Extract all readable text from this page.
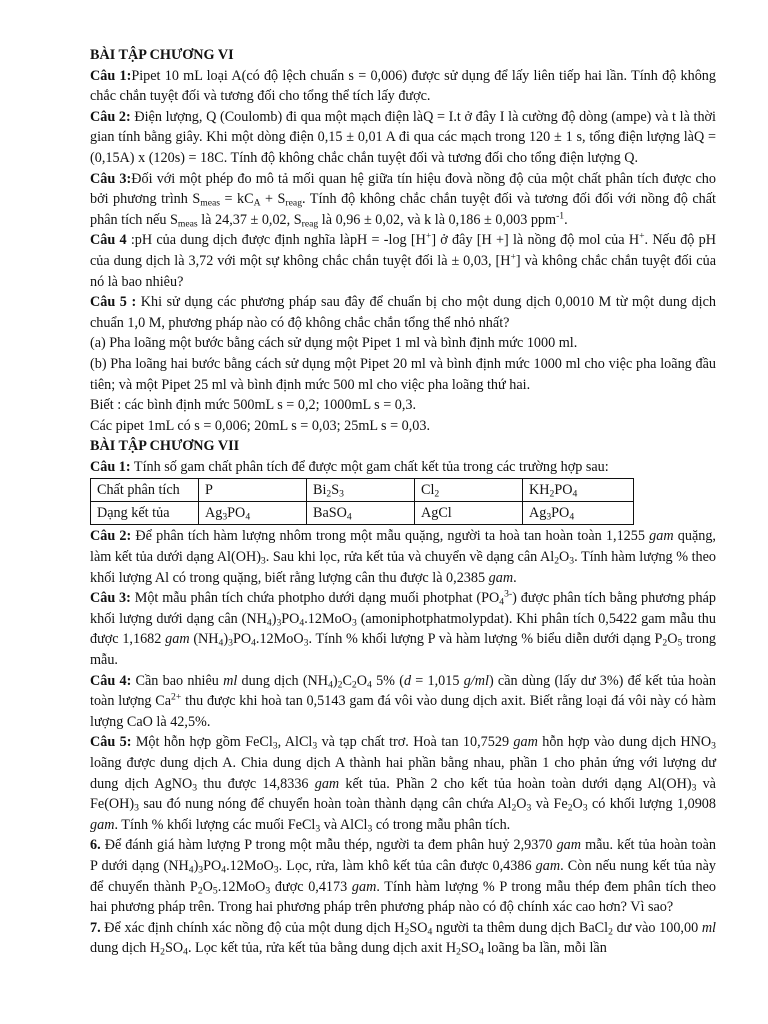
BÀI TẬP CHƯƠNG VI

Câu 1:Pipet 10 mL loại A(có độ lệch chuẩn s = 0,006) được sử dụng để lấy liên tiếp hai lần. Tính độ không chắc chắn tuyệt đối và tương đối cho tổng thể tích lấy được.

Câu 2: Điện lượng, Q (Coulomb) đi qua một mạch điện làQ = I.t ở đây I là cường độ dòng (ampe) và t là thời gian tính bằng giây. Khi một dòng điện 0,15 ± 0,01 A đi qua các mạch trong 120 ± 1 s, tổng điện lượng làQ = (0,15A) x (120s) = 18C. Tính độ không chắc chắn tuyệt đối và tương đối cho tổng điện lượng Q.

Câu 3:Đối với một phép đo mô tả mối quan hệ giữa tín hiệu đovà nồng độ của một chất phân tích được cho bởi phương trình $S_{meas} = kC_A + S_{reag}$. Tính độ không chắc chắn tuyệt đối và tương đối đối với nồng độ chất phân tích nếu $S_{meas}$ là 24,37 ± 0,02, $S_{reag}$ là 0,96 ± 0,02, và k là 0,186 ± 0,003 ppm$^{-1}$.

Câu 4 :pH của dung dịch được định nghĩa làpH = -log [H+] ở đây [H +] là nồng độ mol của H+. Nếu độ pH của dung dịch là 3,72 với một sự không chắc chắn tuyệt đối là ± 0,03, [H+] và không chắc chắn tuyệt đối của nó là bao nhiêu?

Câu 5 : Khi sử dụng các phương pháp sau đây để chuẩn bị cho một dung dịch 0,0010 M từ một dung dịch chuẩn 1,0 M, phương pháp nào có độ không chắc chắn tổng thể nhỏ nhất?

(a) Pha loãng một bước bằng cách sử dụng một Pipet 1 ml và bình định mức 1000 ml.

(b) Pha loãng hai bước bằng cách sử dụng một Pipet 20 ml và bình định mức 1000 ml cho việc pha loãng đầu tiên; và một Pipet 25 ml và bình định mức 500 ml cho việc pha loãng thứ hai.

Biết : các bình định mức 500mL s = 0,2; 1000mL s = 0,3.

Các pipet 1mL có s = 0,006; 20mL s = 0,03; 25mL s = 0,03.

BÀI TẬP CHƯƠNG VII

Câu 1: Tính số gam chất phân tích để được một gam chất kết tủa trong các trường hợp sau:

Chất phân tích	P	$Bi_2S_3$	$Cl_2$	$KH_2PO_4$
Dạng kết tủa	$Ag_3PO_4$	BaSO$_4$	AgCl	$Ag_3PO_4$

Câu 2: Để phân tích hàm lượng nhôm trong một mẫu quặng, người ta hoà tan hoàn toàn 1,1255 gam quặng, làm kết tủa dưới dạng $Al(OH)_3$. Sau khi lọc, rửa kết tủa và chuyển về dạng cân $Al_2O_3$. Tính hàm lượng % theo khối lượng Al có trong quặng, biết rằng lượng cân thu được là 0,2385 gam.

Câu 3: Một mẫu phân tích chứa photpho dưới dạng muối photphat $(PO_4^{3-})$ được phân tích bằng phương pháp khối lượng dưới dạng cân $(NH_4)_3PO_4.12MoO_3$ (amoniphotphatmolypdat). Khi phân tích 0,5422 gam mẫu thu được 1,1682 gam $(NH_4)_3PO_4.12MoO_3$. Tính % khối lượng P và hàm lượng % biểu diễn dưới dạng $P_2O_5$ trong mẫu.

Câu 4: Cần bao nhiêu ml dung dịch $(NH_4)_2C_2O_4$ 5% (d = 1,015 g/ml) cần dùng (lấy dư 3%) để kết tủa hoàn toàn lượng $Ca^{2+}$ thu được khi hoà tan 0,5143 gam đá vôi vào dung dịch axit. Biết rằng loại đá vôi này có hàm lượng CaO là 42,5%.

Câu 5: Một hỗn hợp gồm FeCl$_3$, AlCl$_3$ và tạp chất trơ. Hoà tan 10,7529 gam hỗn hợp vào dung dịch $HNO_3$ loãng được dung dịch A. Chia dung dịch A thành hai phần bằng nhau, phần 1 cho phản ứng với lượng dư dung dịch AgNO$_3$ thu được 14,8336 gam kết tủa. Phần 2 cho kết tủa hoàn toàn dưới dạng $Al(OH)_3$ và $Fe(OH)_3$ sau đó nung nóng để chuyển hoàn toàn thành dạng cân chứa $Al_2O_3$ và $Fe_2O_3$ có khối lượng 1,0908 gam. Tính % khối lượng các muối FeCl$_3$ và AlCl$_3$ có trong mẫu phân tích.

6. Để đánh giá hàm lượng P trong một mẫu thép, người ta đem phân huỷ 2,9370 gam mẫu. kết tủa hoàn toàn P dưới dạng $(NH_4)_3PO_4.12MoO_3$. Lọc, rửa, làm khô kết tủa cân được 0,4386 gam. Còn nếu nung kết tủa này để chuyển thành $P_2O_5.12MoO_3$ được 0,4173 gam. Tính hàm lượng % P trong mẫu thép đem phân tích theo hai phương pháp trên. Trong hai phương pháp trên phương pháp nào có độ chính xác cao hơn? Vì sao?

7. Để xác định chính xác nồng độ của một dung dịch $H_2SO_4$ người ta thêm dung dịch BaCl$_2$ dư vào 100,00 ml dung dịch $H_2SO_4$. Lọc kết tủa, rửa kết tủa bằng dung dịch axit $H_2SO_4$ loãng ba lần, mỗi lần
